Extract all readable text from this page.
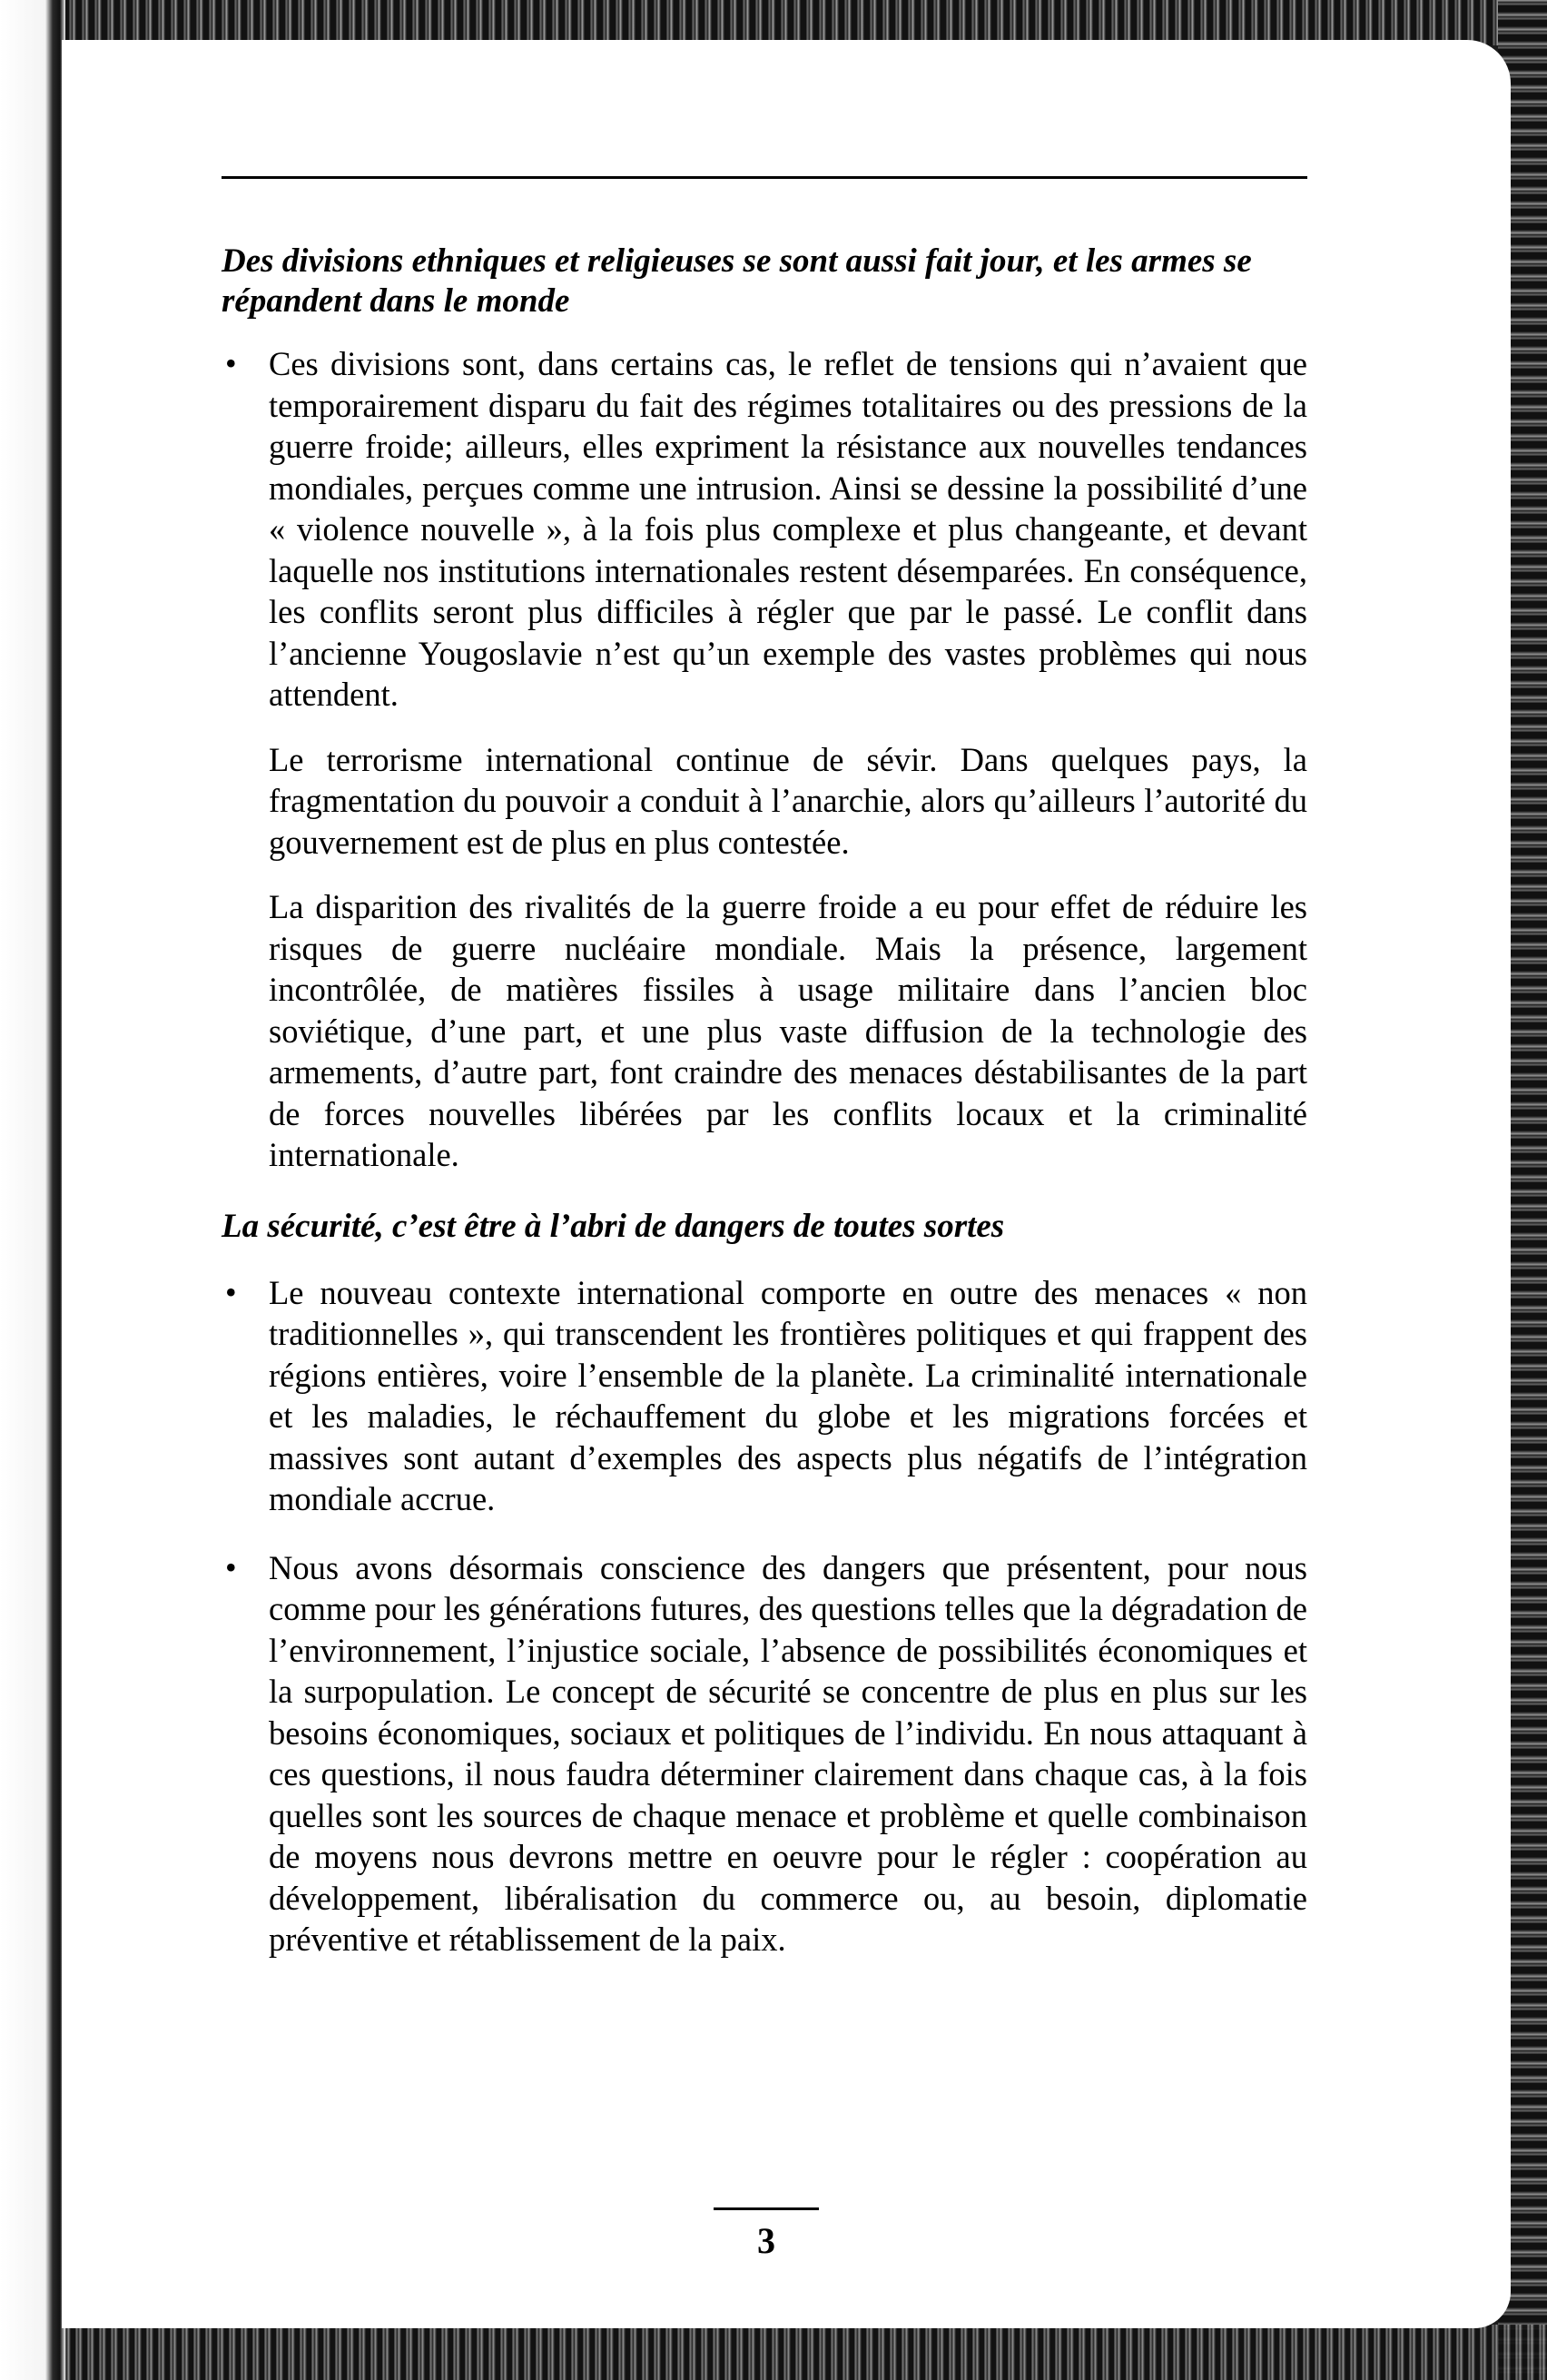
Des divisions ethniques et religieuses se sont aussi fait jour, et les armes se répandent dans le monde
• Ces divisions sont, dans certains cas, le reflet de tensions qui n’avaient que temporairement disparu du fait des régimes totalitaires ou des pressions de la guerre froide; ailleurs, elles expriment la résistance aux nouvelles tendances mondiales, perçues comme une intrusion. Ainsi se dessine la possibilité d’une « violence nouvelle », à la fois plus complexe et plus changeante, et devant laquelle nos institutions internationales restent désemparées. En conséquence, les conflits seront plus difficiles à régler que par le passé. Le conflit dans l’ancienne Yougoslavie n’est qu’un exemple des vastes problèmes qui nous attendent.
Le terrorisme international continue de sévir. Dans quelques pays, la fragmentation du pouvoir a conduit à l’anarchie, alors qu’ailleurs l’autorité du gouvernement est de plus en plus contestée.
La disparition des rivalités de la guerre froide a eu pour effet de réduire les risques de guerre nucléaire mondiale. Mais la présence, largement incontrôlée, de matières fissiles à usage militaire dans l’ancien bloc soviétique, d’une part, et une plus vaste diffusion de la technologie des armements, d’autre part, font craindre des menaces déstabilisantes de la part de forces nouvelles libérées par les conflits locaux et la criminalité internationale.
La sécurité, c’est être à l’abri de dangers de toutes sortes
• Le nouveau contexte international comporte en outre des menaces « non traditionnelles », qui transcendent les frontières politiques et qui frappent des régions entières, voire l’ensemble de la planète. La criminalité internationale et les maladies, le réchauffement du globe et les migrations forcées et massives sont autant d’exemples des aspects plus négatifs de l’intégration mondiale accrue.
• Nous avons désormais conscience des dangers que présentent, pour nous comme pour les générations futures, des questions telles que la dégradation de l’environnement, l’injustice sociale, l’absence de possibilités économiques et la surpopulation. Le concept de sécurité se concentre de plus en plus sur les besoins économiques, sociaux et politiques de l’individu. En nous attaquant à ces questions, il nous faudra déterminer clairement dans chaque cas, à la fois quelles sont les sources de chaque menace et problème et quelle combinaison de moyens nous devrons mettre en oeuvre pour le régler : coopération au développement, libéralisation du commerce ou, au besoin, diplomatie préventive et rétablissement de la paix.
3
